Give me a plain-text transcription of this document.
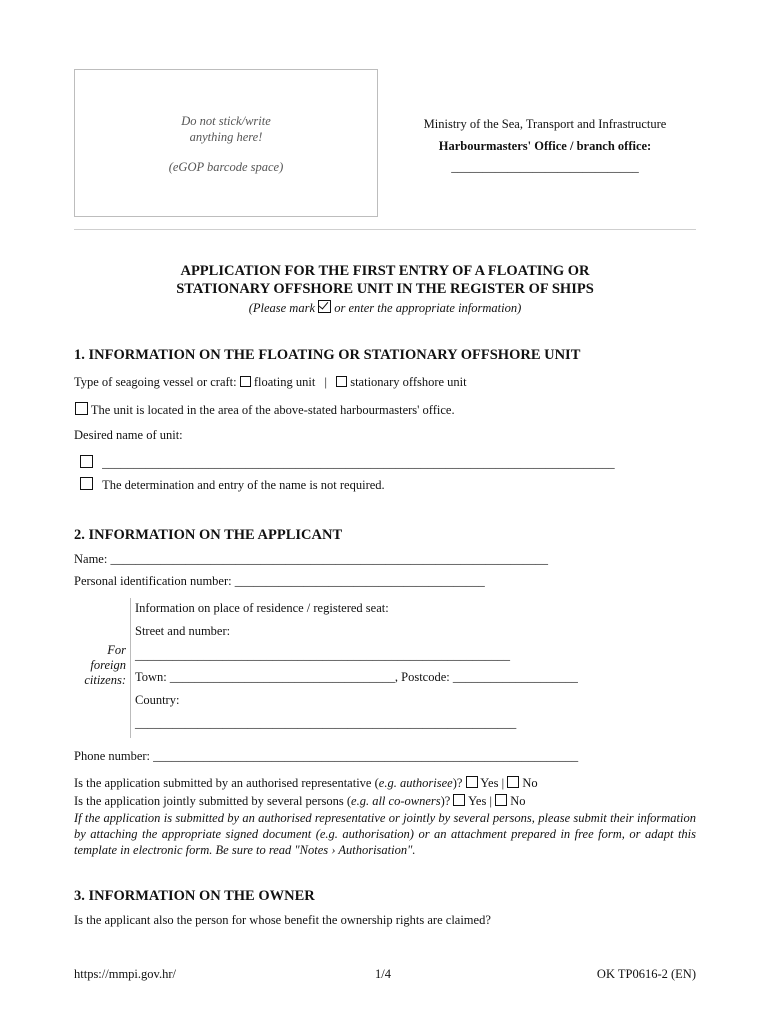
Do not stick/write
anything here!
(eGOP barcode space)
Ministry of the Sea, Transport and Infrastructure
Harbourmasters' Office / branch office:
______________________________
APPLICATION FOR THE FIRST ENTRY OF A FLOATING OR
STATIONARY OFFSHORE UNIT IN THE REGISTER OF SHIPS
(Please mark or enter the appropriate information)
1. INFORMATION ON THE FLOATING OR STATIONARY OFFSHORE UNIT
Type of seagoing vessel or craft: floating unit | stationary offshore unit
The unit is located in the area of the above-stated harbourmasters' office.
Desired name of unit:
__________________________________________________________________________________
The determination and entry of the name is not required.
2. INFORMATION ON THE APPLICANT
Name: ______________________________________________________________________
Personal identification number: ________________________________________
For
foreign
citizens:
Information on place of residence / registered seat:
Street and number:
____________________________________________________________
Town: ____________________________________, Postcode: ____________________
Country:
_____________________________________________________________
Phone number: ____________________________________________________________________
Is the application submitted by an authorised representative (e.g. authorisee)? Yes | No
Is the application jointly submitted by several persons (e.g. all co-owners)? Yes | No
If the application is submitted by an authorised representative or jointly by several persons, please submit their information by attaching the appropriate signed document (e.g. authorisation) or an attachment prepared in free form, or adapt this template in electronic form. Be sure to read "Notes › Authorisation".
3. INFORMATION ON THE OWNER
Is the applicant also the person for whose benefit the ownership rights are claimed?
https://mmpi.gov.hr/	1/4	OK TP0616-2 (EN)
